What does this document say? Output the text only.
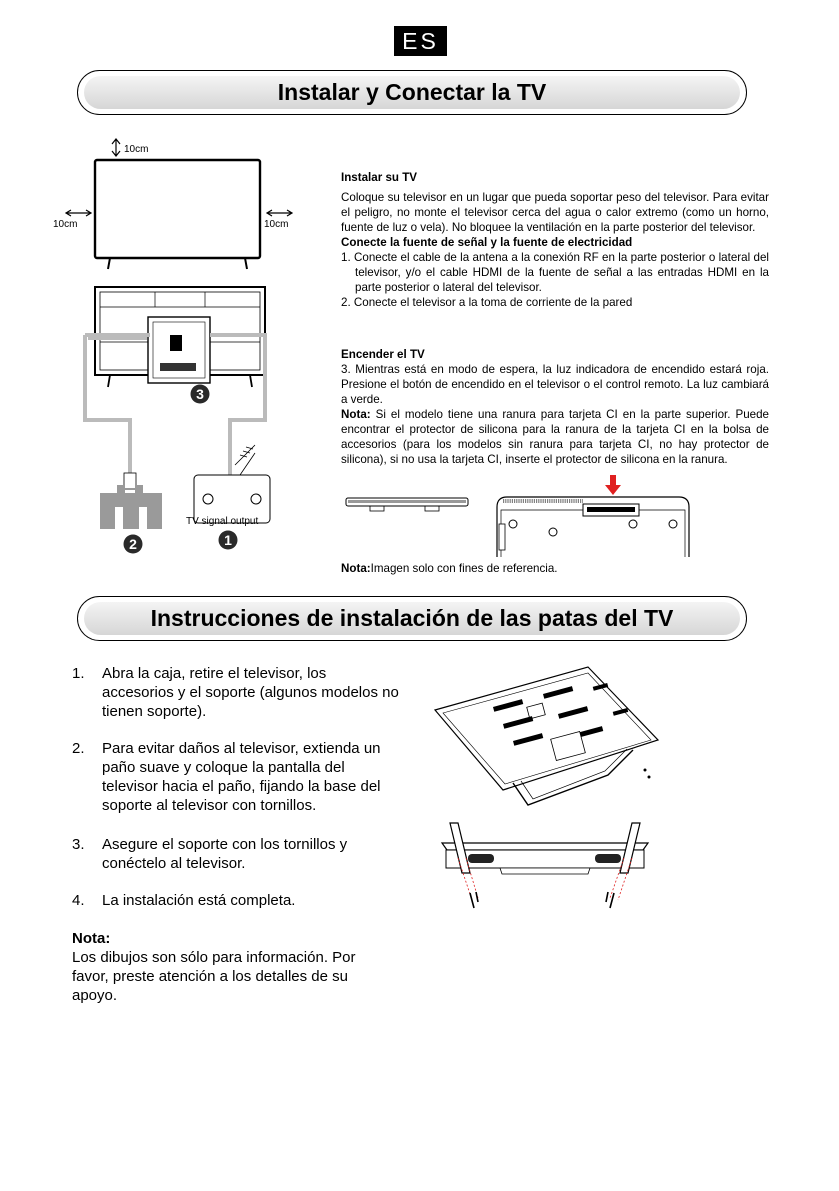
ES
Instalar y Conectar la TV
10cm
10cm	10cm
TV signal output
3
2	1
Instalar su TV
Coloque su televisor en un lugar que pueda soportar peso del televisor. Para evitar el peligro, no monte el televisor cerca del agua o calor extremo (como un horno, fuente de luz o vela). No bloquee la ventilación en la parte posterior del televisor.
Conecte la fuente de señal y la fuente de electricidad
1. Conecte el cable de la antena a la conexión RF en la parte posterior o lateral del televisor, y/o el cable HDMI de la fuente de señal a las entradas HDMI en la parte posterior o lateral del televisor.
2. Conecte el televisor a la toma de corriente de la pared
Encender el TV
3. Mientras está en modo de espera, la luz indicadora de encendido estará roja. Presione el botón de encendido en el televisor o el control remoto. La luz cambiará a verde.
Nota: Si el modelo tiene una ranura para tarjeta CI en la parte superior. Puede encontrar el protector de silicona para la ranura de la tarjeta CI en la bolsa de accesorios (para los modelos sin ranura para tarjeta CI, no hay protector de silicona), si no usa la tarjeta CI, inserte el protector de silicona en la ranura.
Nota:Imagen solo con fines de referencia.
Instrucciones de instalación de las patas del TV
1. Abra la caja, retire el televisor, los accesorios y el soporte (algunos modelos no tienen soporte).
2. Para evitar daños al televisor, extienda un paño suave y coloque la pantalla del televisor hacia el paño, fijando la base del soporte al televisor con tornillos.
3. Asegure el soporte con los tornillos y conéctelo al televisor.
4. La instalación está completa.
Nota:
Los dibujos son sólo para información. Por favor, preste atención a los detalles de su apoyo.
